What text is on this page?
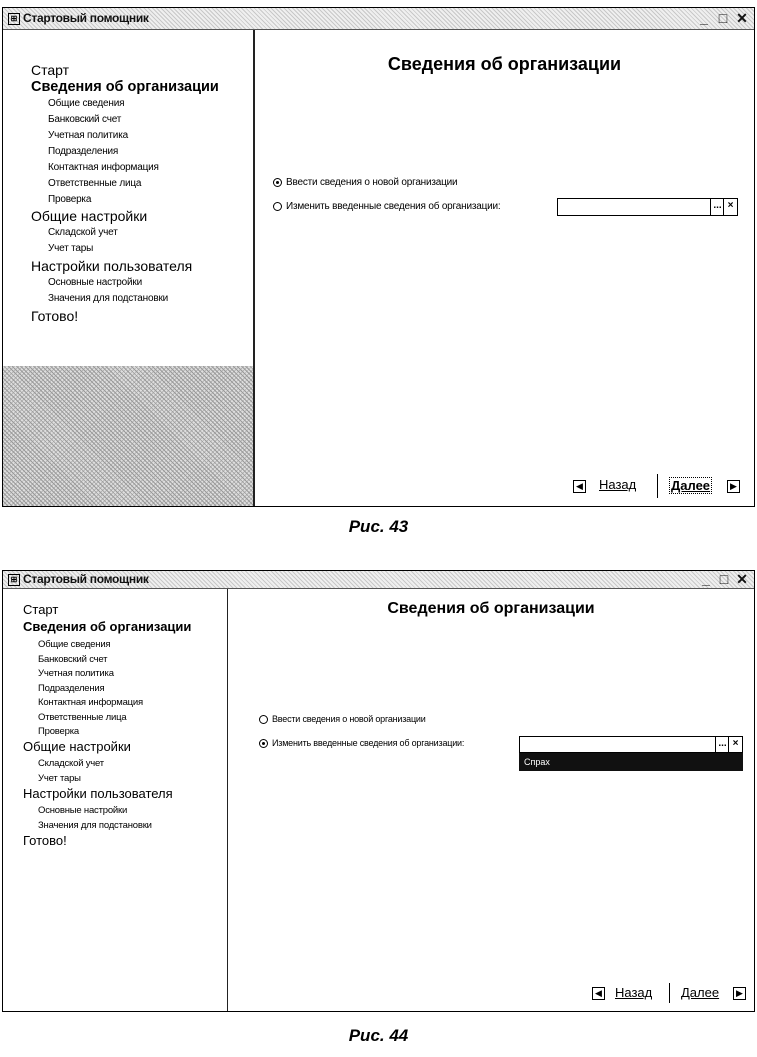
⊞ Стартовый помощник	_ □ ✕
Старт
Сведения об организации
Общие сведения
Банковский счет
Учетная политика
Подразделения
Контактная информация
Ответственные лица
Проверка
Общие настройки
Складской учет
Учет тары
Настройки пользователя
Основные настройки
Значения для подстановки
Готово!
Сведения об организации
Ввести сведения о новой организации
Изменить введенные сведения об организации:	... ×
◀ Назад	Далее	▶
Рис. 43
⊞ Стартовый помощник	_ □ ✕
Старт
Сведения об организации
Общие сведения
Банковский счет
Учетная политика
Подразделения
Контактная информация
Ответственные лица
Проверка
Общие настройки
Складской учет
Учет тары
Настройки пользователя
Основные настройки
Значения для подстановки
Готово!
Сведения об организации
Ввести сведения о новой организации
Изменить введенные сведения об организации:	... ×
Спрах
◀ Назад Далее	▶
Рис. 44
